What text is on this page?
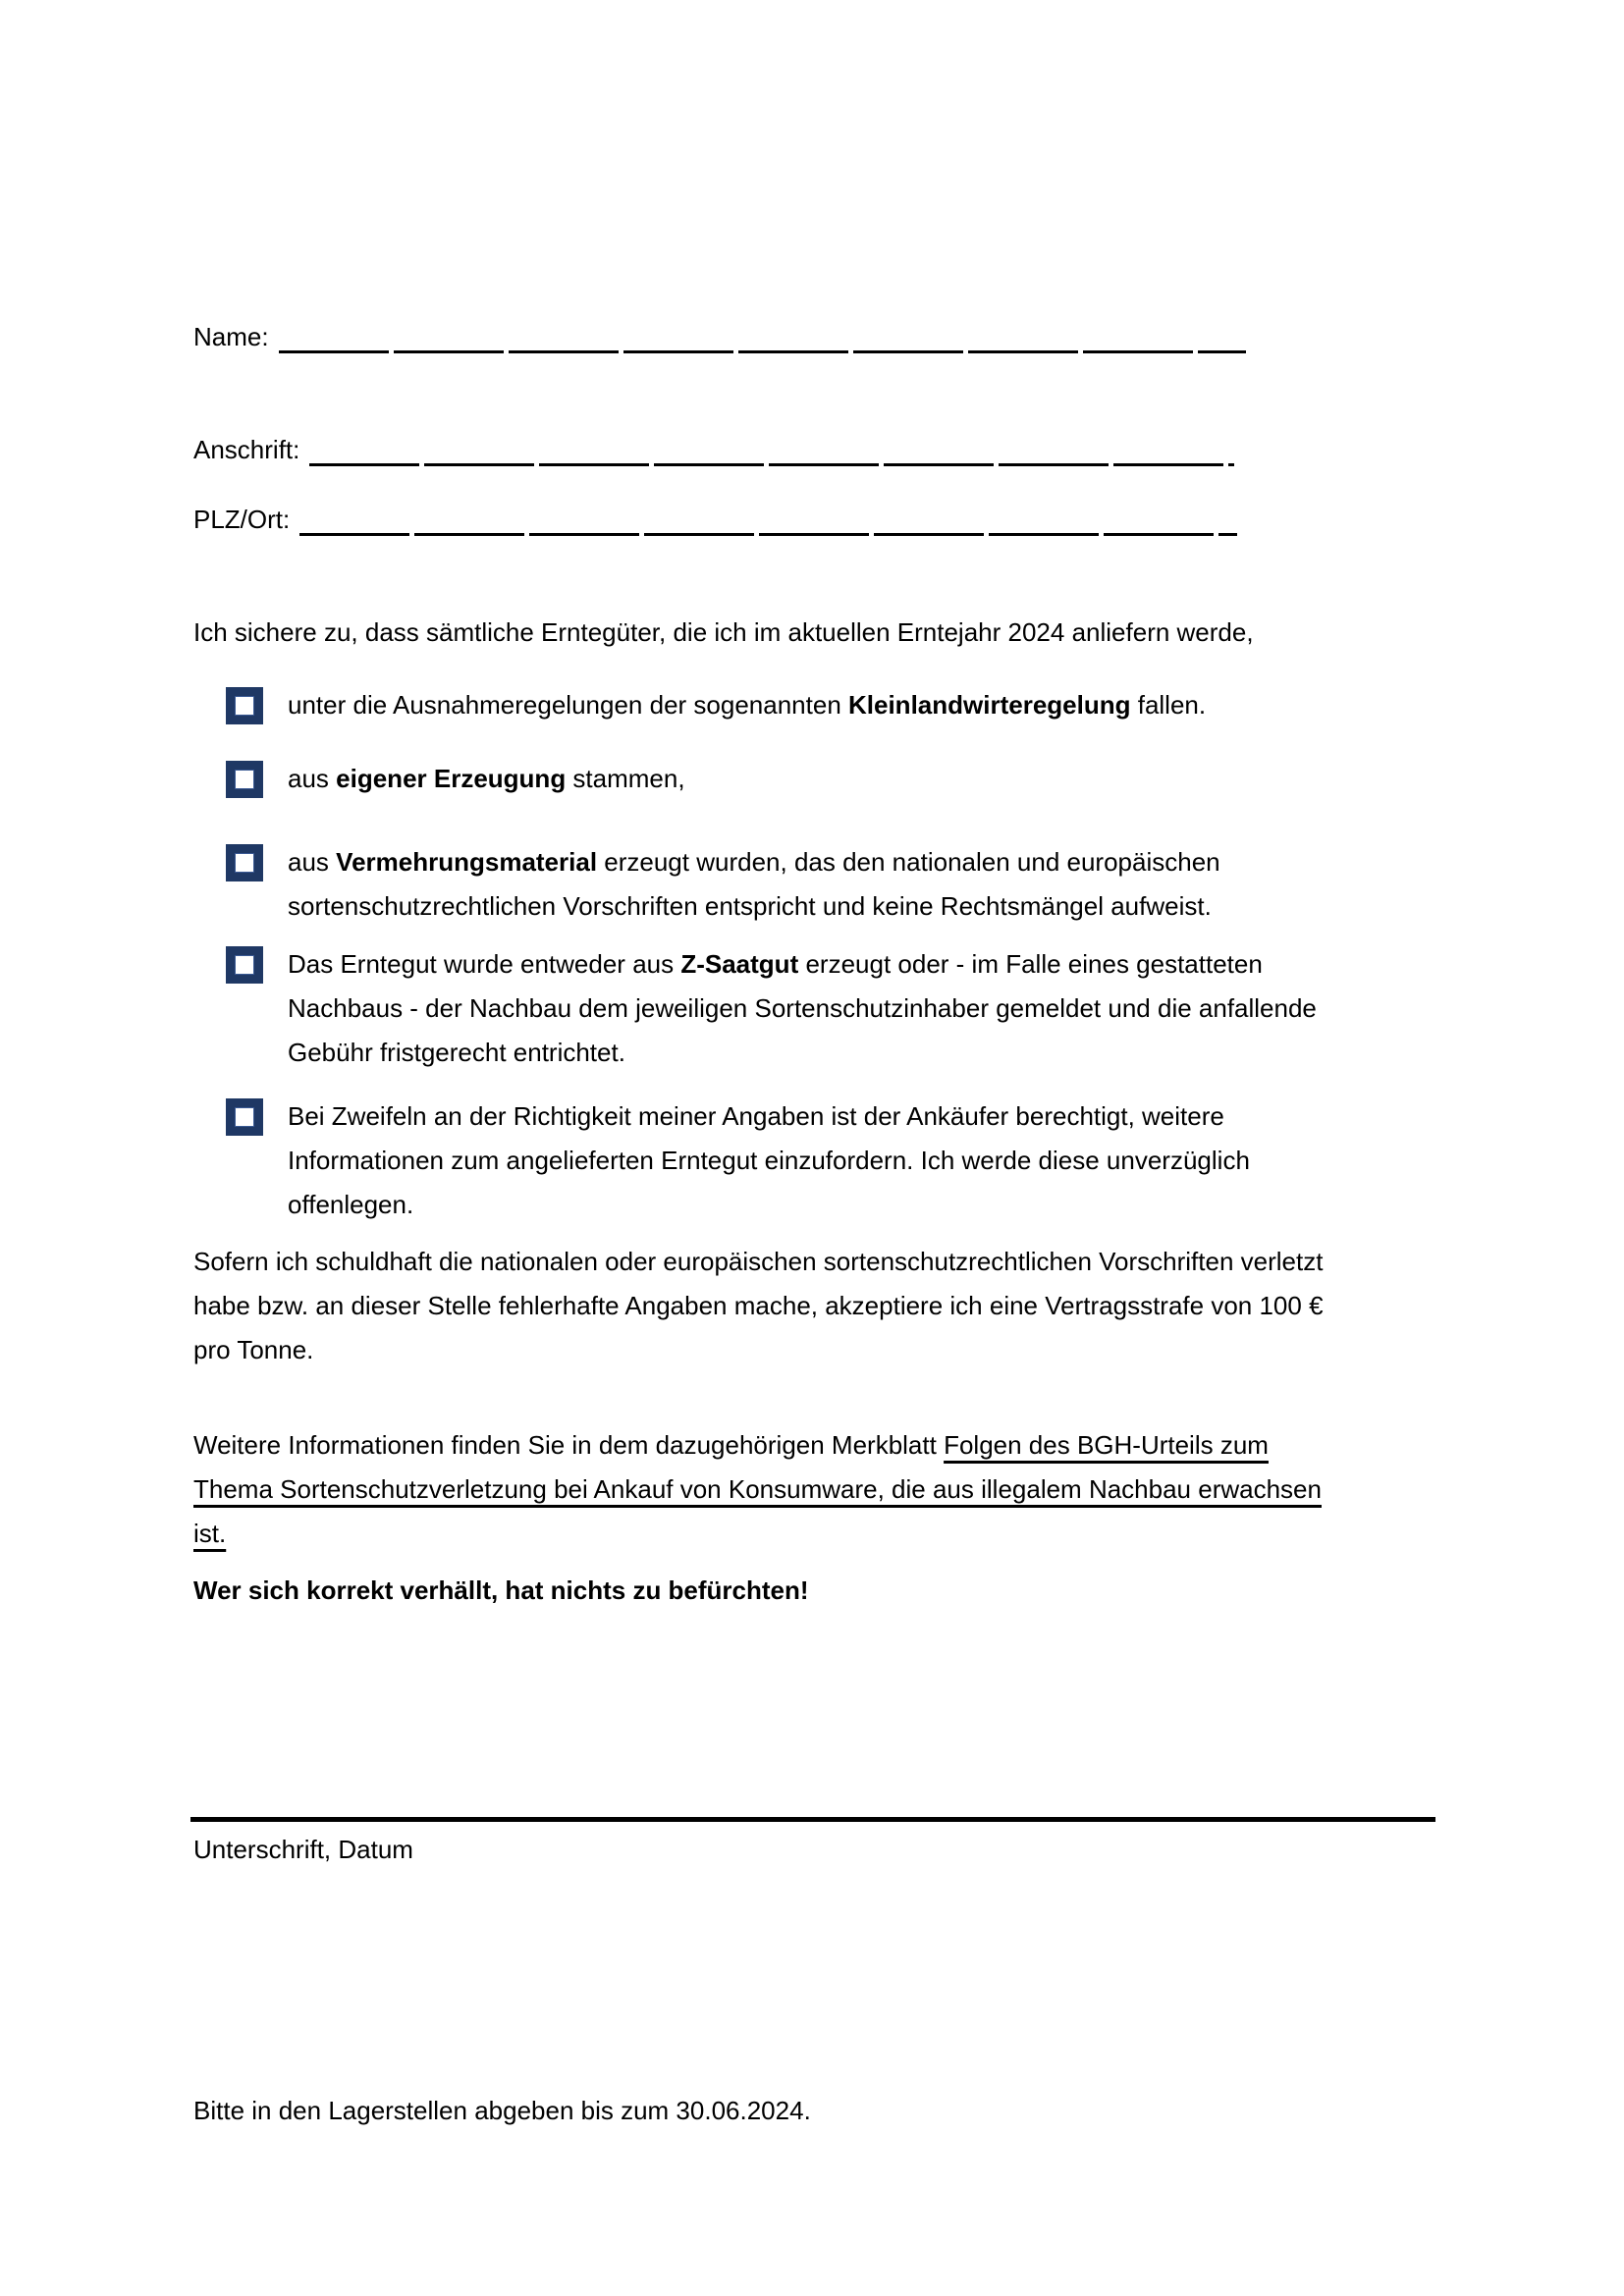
Name:
Anschrift:
PLZ/Ort:
Ich sichere zu, dass sämtliche Erntegüter, die ich im aktuellen Erntejahr 2024 anliefern werde,
unter die Ausnahmeregelungen der sogenannten Kleinlandwirteregelung fallen.
aus eigener Erzeugung stammen,
aus Vermehrungsmaterial erzeugt wurden, das den nationalen und europäischen
sortenschutzrechtlichen Vorschriften entspricht und keine Rechtsmängel aufweist.
Das Erntegut wurde entweder aus Z-Saatgut erzeugt oder - im Falle eines gestatteten
Nachbaus - der Nachbau dem jeweiligen Sortenschutzinhaber gemeldet und die anfallende
Gebühr fristgerecht entrichtet.
Bei Zweifeln an der Richtigkeit meiner Angaben ist der Ankäufer berechtigt, weitere
Informationen zum angelieferten Erntegut einzufordern. Ich werde diese unverzüglich
offenlegen.
Sofern ich schuldhaft die nationalen oder europäischen sortenschutzrechtlichen Vorschriften verletzt
habe bzw. an dieser Stelle fehlerhafte Angaben mache, akzeptiere ich eine Vertragsstrafe von 100 €
pro Tonne.
Weitere Informationen finden Sie in dem dazugehörigen Merkblatt Folgen des BGH-Urteils zum
Thema Sortenschutzverletzung bei Ankauf von Konsumware, die aus illegalem Nachbau erwachsen
ist.
Wer sich korrekt verhällt, hat nichts zu befürchten!
Unterschrift, Datum
Bitte in den Lagerstellen abgeben bis zum 30.06.2024.
